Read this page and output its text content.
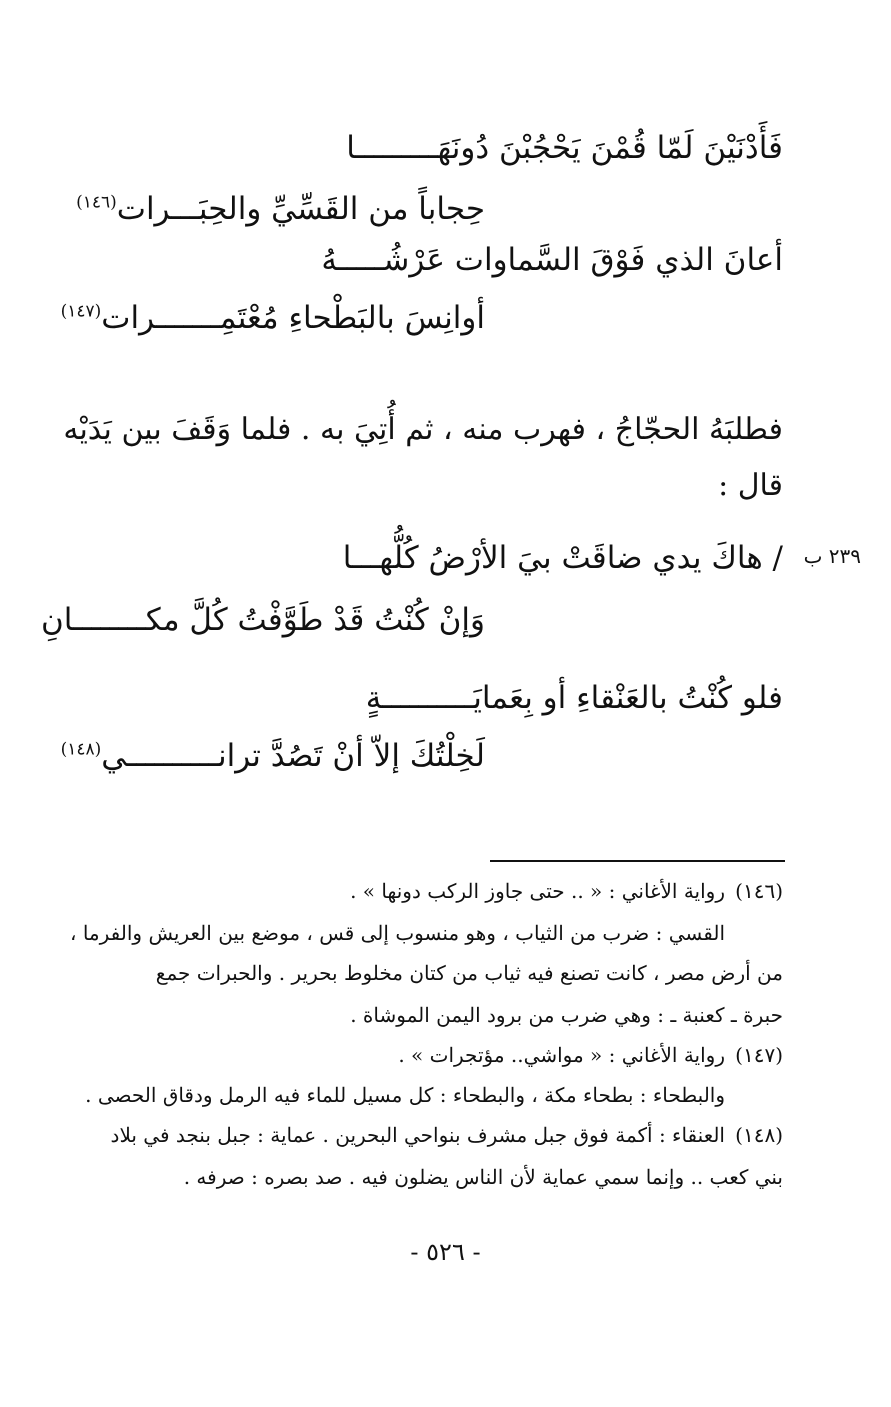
فَأَدْنَيْنَ لَمّا قُمْنَ يَحْجُبْنَ دُونَهَـــــــــا
حِجاباً من القَسِّيِّ والحِبَـــرات$^{(١٤٦)}$
أعانَ الذي فَوْقَ السَّماوات عَرْشُـــــهُ
أوانِسَ بالبَطْحاءِ مُعْتَمِـــــــرات$^{(١٤٧)}$
فطلبَهُ الحجّاجُ ، فهرب منه ، ثم أُتِيَ به . فلما وَقَفَ بين يَدَيْه
قال :
٢٣٩ ب
/ هاكَ يدي ضاقَتْ بيَ الأرْضُ كُلُّهـــا
وَإنْ كُنْتُ قَدْ طَوَّفْتُ كُلَّ مكــــــــانِ
فلو كُنْتُ بالعَنْقاءِ أو بِعَمايَــــــــــةٍ
لَخِلْتُكَ إلاّ أنْ تَصُدَّ ترانــــــــــي$^{(١٤٨)}$
(١٤٦)رواية الأغاني : « .. حتى جاوز الركب دونها » .
القسي : ضرب من الثياب ، وهو منسوب إلى قس ، موضع بين العريش والفرما ،
من أرض مصر ، كانت تصنع فيه ثياب من كتان مخلوط بحرير . والحبرات جمع
حبرة ـ كعنبة ـ : وهي ضرب من برود اليمن الموشاة .
(١٤٧)رواية الأغاني : « مواشي.. مؤتجرات » .
والبطحاء : بطحاء مكة ، والبطحاء : كل مسيل للماء فيه الرمل ودقاق الحصى .
(١٤٨)العنقاء : أكمة فوق جبل مشرف بنواحي البحرين . عماية : جبل بنجد في بلاد
بني كعب .. وإنما سمي عماية لأن الناس يضلون فيه . صد بصره : صرفه .
- ٥٢٦ -
